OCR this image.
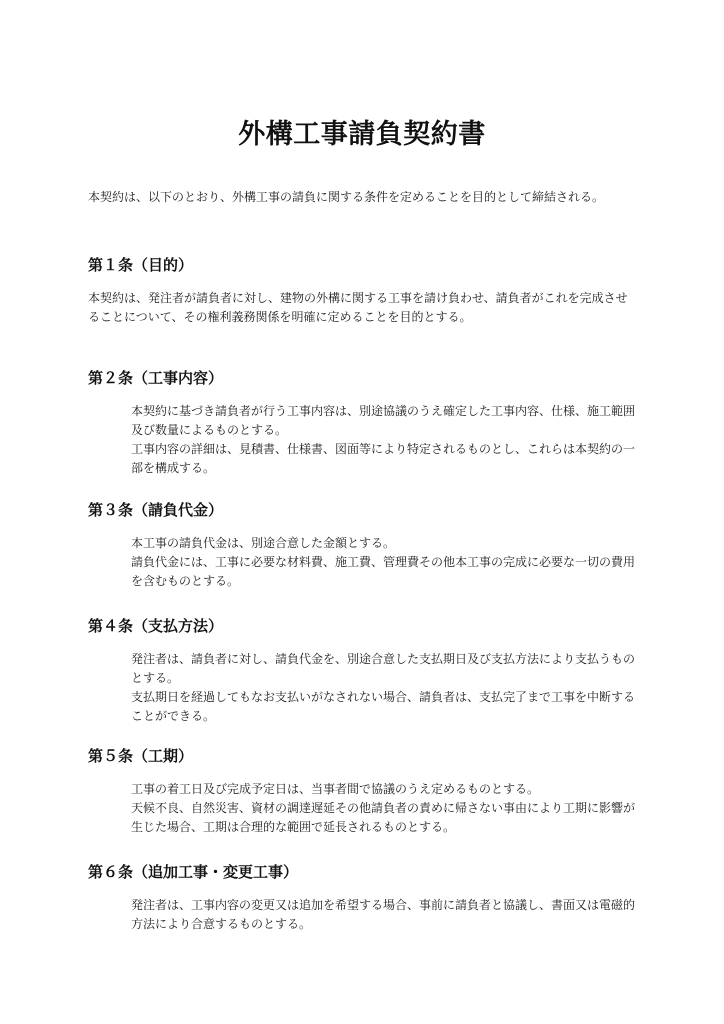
外構工事請負契約書
本契約は、以下のとおり、外構工事の請負に関する条件を定めることを目的として締結される。
第１条（目的）

本契約は、発注者が請負者に対し、建物の外構に関する工事を請け負わせ、請負者がこれを完成させることについて、その権利義務関係を明確に定めることを目的とする。

第２条（工事内容）

本契約に基づき請負者が行う工事内容は、別途協議のうえ確定した工事内容、仕様、施工範囲及び数量によるものとする。

工事内容の詳細は、見積書、仕様書、図面等により特定されるものとし、これらは本契約の一部を構成する。

第３条（請負代金）

本工事の請負代金は、別途合意した金額とする。

請負代金には、工事に必要な材料費、施工費、管理費その他本工事の完成に必要な一切の費用を含むものとする。

第４条（支払方法）

発注者は、請負者に対し、請負代金を、別途合意した支払期日及び支払方法により支払うものとする。

支払期日を経過してもなお支払いがなされない場合、請負者は、支払完了まで工事を中断することができる。

第５条（工期）

工事の着工日及び完成予定日は、当事者間で協議のうえ定めるものとする。

天候不良、自然災害、資材の調達遅延その他請負者の責めに帰さない事由により工期に影響が生じた場合、工期は合理的な範囲で延長されるものとする。

第６条（追加工事・変更工事）

発注者は、工事内容の変更又は追加を希望する場合、事前に請負者と協議し、書面又は電磁的方法により合意するものとする。
